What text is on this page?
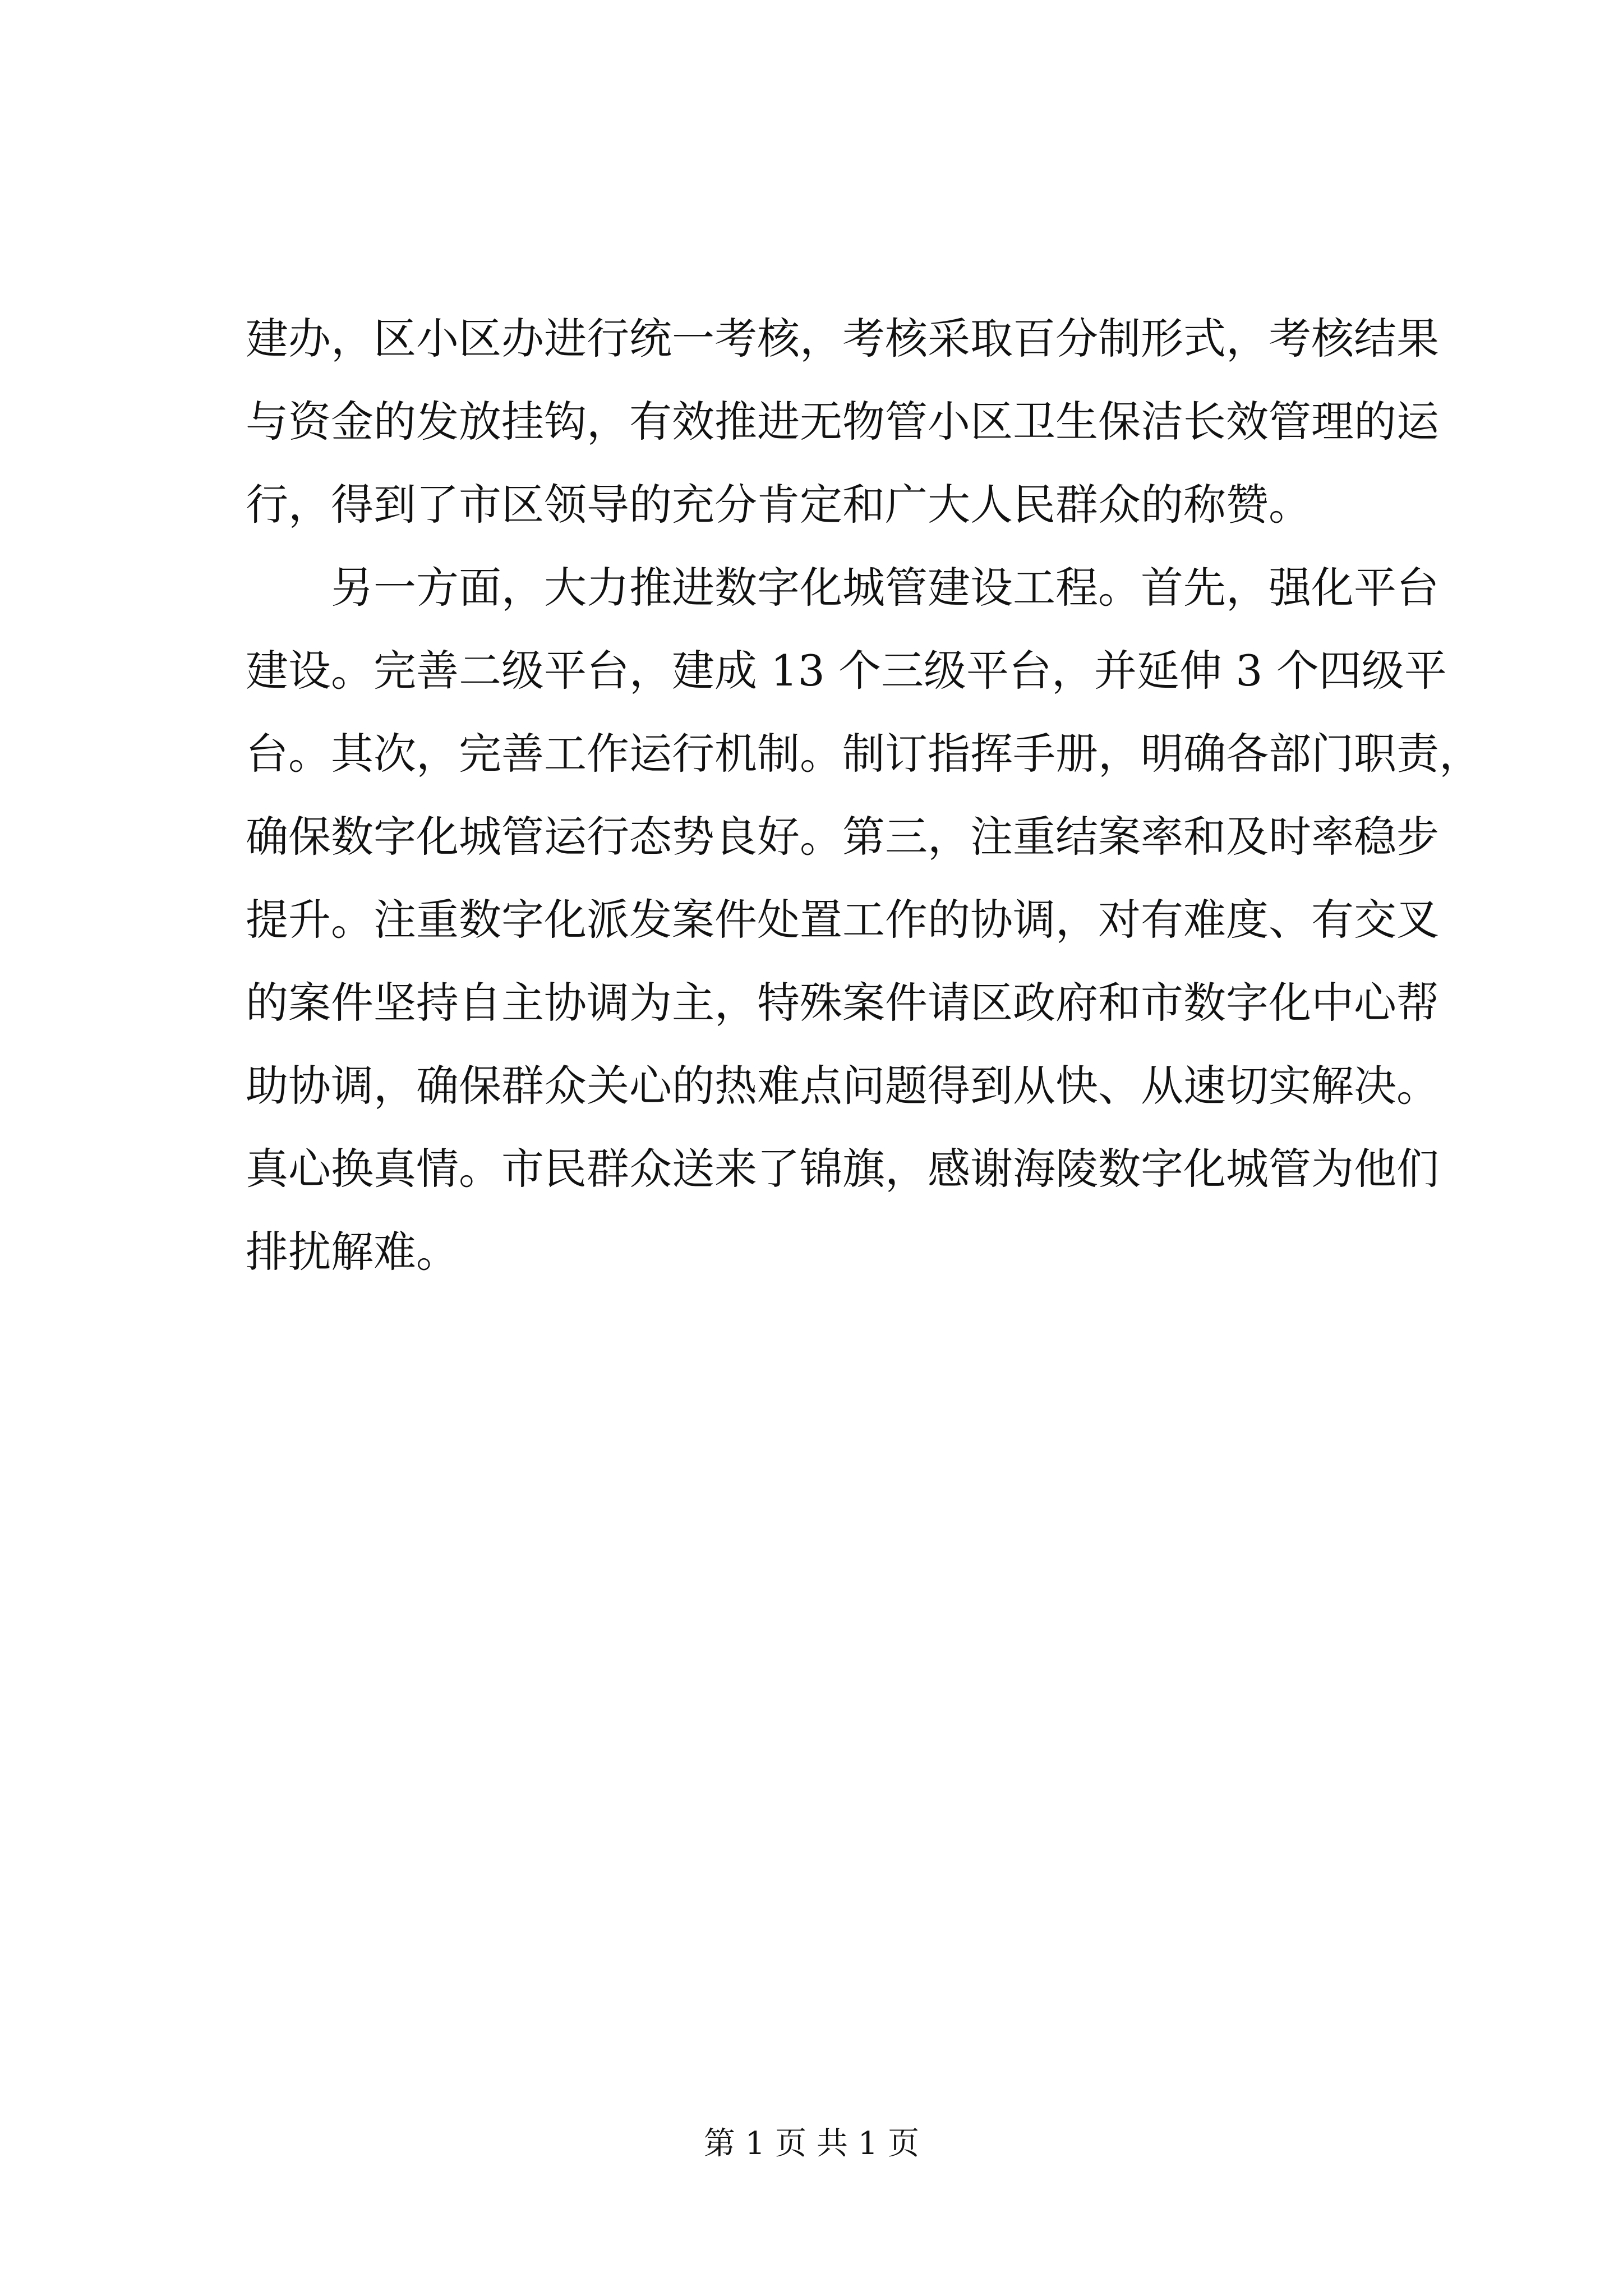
建办，区小区办进行统一考核，考核采取百分制形式，考核结果
与资金的发放挂钩，有效推进无物管小区卫生保洁长效管理的运
行，得到了市区领导的充分肯定和广大人民群众的称赞。
另一方面，大力推进数字化城管建设工程。首先，强化平台
建设。完善二级平台，建成 13 个三级平台，并延伸 3 个四级平
台。其次，完善工作运行机制。制订指挥手册，明确各部门职责，
确保数字化城管运行态势良好。第三，注重结案率和及时率稳步
提升。注重数字化派发案件处置工作的协调，对有难度、有交叉
的案件坚持自主协调为主，特殊案件请区政府和市数字化中心帮
助协调，确保群众关心的热难点问题得到从快、从速切实解决。
真心换真情。市民群众送来了锦旗，感谢海陵数字化城管为他们
排扰解难。
第 1 页 共 1 页
